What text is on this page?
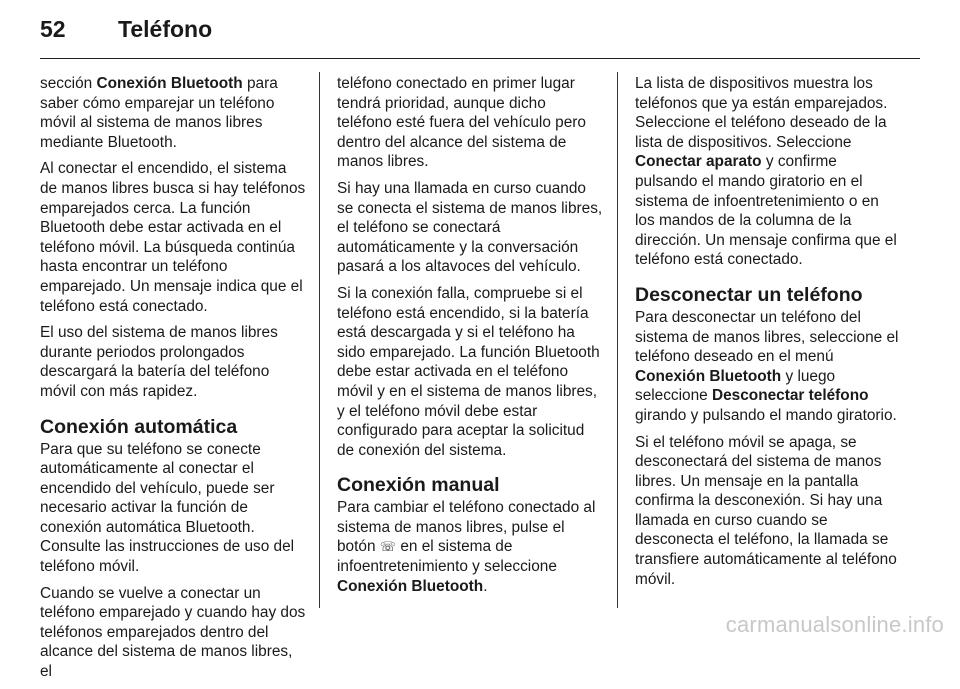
52	Teléfono

sección Conexión Bluetooth para saber cómo emparejar un teléfono móvil al sistema de manos libres mediante Bluetooth.

Al conectar el encendido, el sistema de manos libres busca si hay teléfonos emparejados cerca. La función Bluetooth debe estar activada en el teléfono móvil. La búsqueda continúa hasta encontrar un teléfono emparejado. Un mensaje indica que el teléfono está conectado.

El uso del sistema de manos libres durante periodos prolongados descargará la batería del teléfono móvil con más rapidez.

Conexión automática

Para que su teléfono se conecte automáticamente al conectar el encendido del vehículo, puede ser necesario activar la función de conexión automática Bluetooth. Consulte las instrucciones de uso del teléfono móvil.

Cuando se vuelve a conectar un teléfono emparejado y cuando hay dos teléfonos emparejados dentro del alcance del sistema de manos libres, el

teléfono conectado en primer lugar tendrá prioridad, aunque dicho teléfono esté fuera del vehículo pero dentro del alcance del sistema de manos libres.

Si hay una llamada en curso cuando se conecta el sistema de manos libres, el teléfono se conectará automáticamente y la conversación pasará a los altavoces del vehículo.

Si la conexión falla, compruebe si el teléfono está encendido, si la batería está descargada y si el teléfono ha sido emparejado. La función Bluetooth debe estar activada en el teléfono móvil y en el sistema de manos libres, y el teléfono móvil debe estar configurado para aceptar la solicitud de conexión del sistema.

Conexión manual

Para cambiar el teléfono conectado al sistema de manos libres, pulse el botón ☏ en el sistema de infoentretenimiento y seleccione Conexión Bluetooth.

La lista de dispositivos muestra los teléfonos que ya están emparejados. Seleccione el teléfono deseado de la lista de dispositivos. Seleccione Conectar aparato y confirme pulsando el mando giratorio en el sistema de infoentretenimiento o en los mandos de la columna de la dirección. Un mensaje confirma que el teléfono está conectado.

Desconectar un teléfono

Para desconectar un teléfono del sistema de manos libres, seleccione el teléfono deseado en el menú Conexión Bluetooth y luego seleccione Desconectar teléfono girando y pulsando el mando giratorio.

Si el teléfono móvil se apaga, se desconectará del sistema de manos libres. Un mensaje en la pantalla confirma la desconexión. Si hay una llamada en curso cuando se desconecta el teléfono, la llamada se transfiere automáticamente al teléfono móvil.

carmanualsonline.info
